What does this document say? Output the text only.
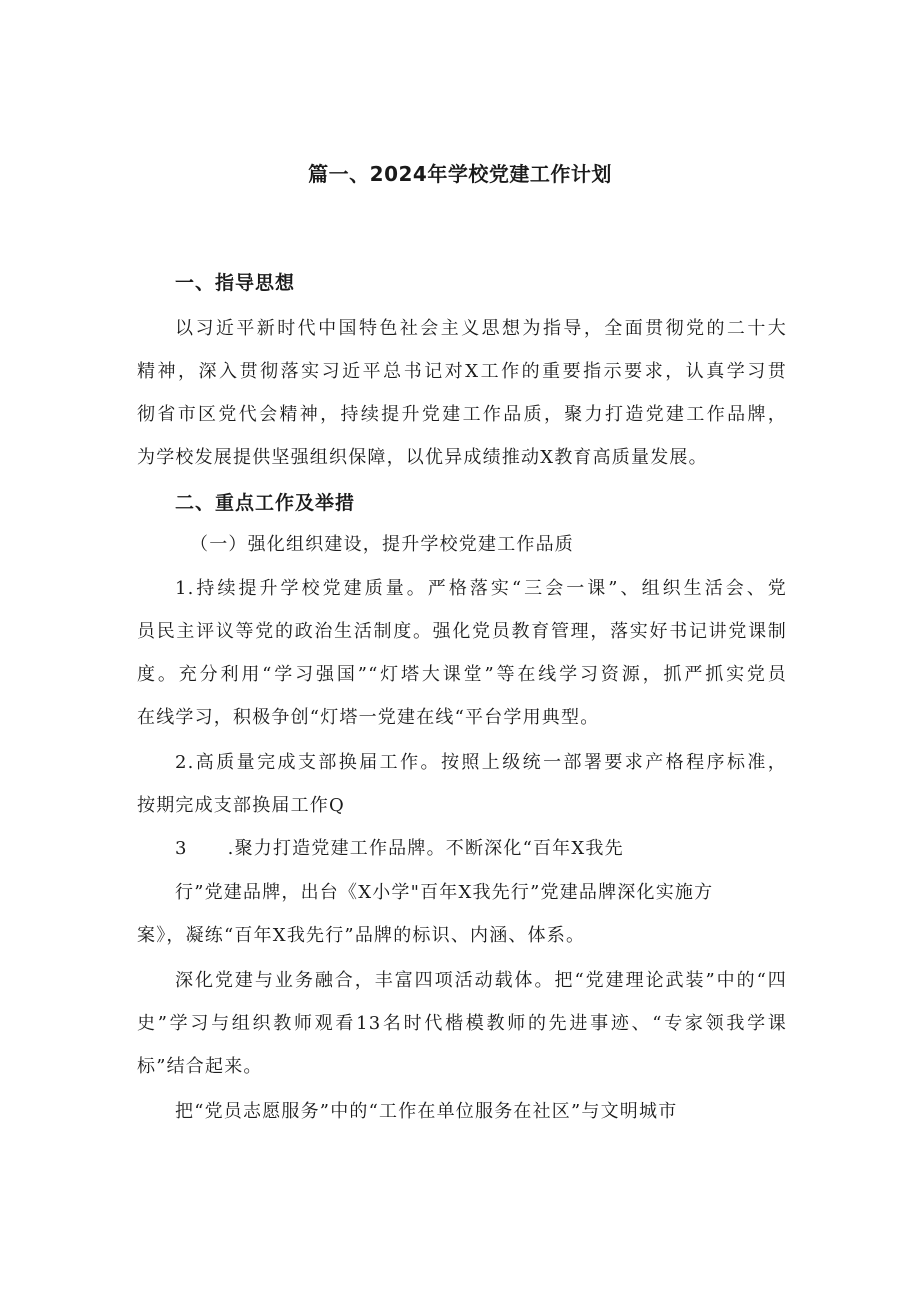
篇一、2024年学校党建工作计划
一、指导思想
以习近平新时代中国特色社会主义思想为指导，全面贯彻党的二十大
精神，深入贯彻落实习近平总书记对X工作的重要指示要求，认真学习贯
彻省市区党代会精神，持续提升党建工作品质，聚力打造党建工作品牌，
为学校发展提供坚强组织保障，以优异成绩推动X教育高质量发展。
二、重点工作及举措
（一）强化组织建设，提升学校党建工作品质
1.持续提升学校党建质量。严格落实“三会一课”、组织生活会、党
员民主评议等党的政治生活制度。强化党员教育管理，落实好书记讲党课制
度。充分利用“学习强国”“灯塔大课堂”等在线学习资源，抓严抓实党员
在线学习，积极争创“灯塔一党建在线“平台学用典型。
2.高质量完成支部换届工作。按照上级统一部署要求产格程序标准，
按期完成支部换届工作Q
3 .聚力打造党建工作品牌。不断深化“百年X我先
行”党建品牌，出台《X小学"百年X我先行”党建品牌深化实施方
案》，凝练“百年X我先行”品牌的标识、内涵、体系。
深化党建与业务融合，丰富四项活动载体。把“党建理论武装”中的“四
史”学习与组织教师观看13名时代楷模教师的先进事迹、“专家领我学课
标”结合起来。
把“党员志愿服务”中的“工作在单位服务在社区”与文明城市
